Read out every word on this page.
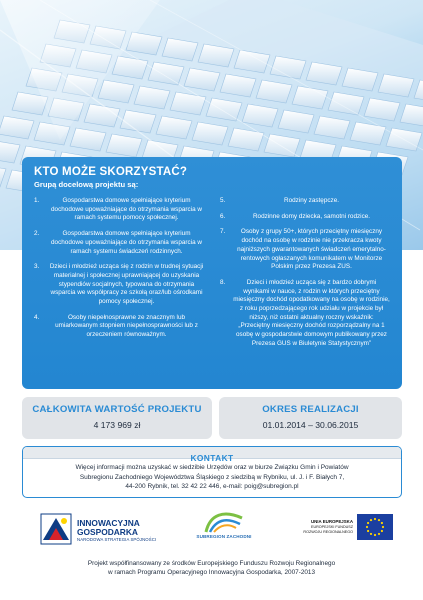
KTO MOŻE SKORZYSTAĆ?
Grupą docelową projektu są:
1.	Gospodarstwa domowe spełniające kryterium dochodowe upoważniające do otrzymania wsparcia w ramach systemu pomocy społecznej.
2.	Gospodarstwa domowe spełniające kryterium dochodowe upoważniające do otrzymania wsparcia w ramach systemu świadczeń rodzinnych.
3.	Dzieci i młodzież ucząca się z rodzin w trudnej sytuacji materialnej i społecznej uprawniającej do uzyskania stypendiów socjalnych, typowana do otrzymania wsparcia we współpracy ze szkołą oraz/lub ośrodkami pomocy społecznej.
4.	Osoby niepełnosprawne ze znacznym lub umiarkowanym stopniem niepełnosprawności lub z orzeczeniem równoważnym.
5.	Rodziny zastępcze.
6.	Rodzinne domy dziecka, samotni rodzice.
7.	Osoby z grupy 50+, których przeciętny miesięczny dochód na osobę w rodzinie nie przekracza kwoty najniższych gwarantowanych świadczeń emerytalno-rentowych ogłaszanych komunikatem w Monitorze Polskim przez Prezesa ZUS.
8.	Dzieci i młodzież ucząca się z bardzo dobrymi wynikami w nauce, z rodzin w których przeciętny miesięczny dochód opodatkowany na osobę w rodzinie, z roku poprzedzającego rok udziału w projekcie był niższy, niż ostatni aktualny roczny wskaźnik: „Przeciętny miesięczny dochód rozporządzalny na 1 osobę w gospodarstwie domowym publikowany przez Prezesa GUS w Biuletynie Statystycznym”
CAŁKOWITA WARTOŚĆ PROJEKTU
4 173 969 zł
OKRES REALIZACJI
01.01.2014 – 30.06.2015
KONTAKT
Więcej informacji można uzyskać w siedzibie Urzędów oraz w biurze Związku Gmin i Powiatów
Subregionu Zachodniego Województwa Śląskiego z siedzibą w Rybniku, ul. J. i F. Białych 7,
44-200 Rybnik, tel. 32 42 22 446, e-mail: poig@subregion.pl
INNOWACYJNA
GOSPODARKA
NARODOWA STRATEGIA SPÓJNOŚCI
SUBREGION ZACHODNI
UNIA EUROPEJSKA
EUROPEJSKI FUNDUSZ
ROZWOJU REGIONALNEGO
Projekt współfinansowany ze środków Europejskiego Funduszu Rozwoju Regionalnego
w ramach Programu Operacyjnego Innowacyjna Gospodarka, 2007-2013
